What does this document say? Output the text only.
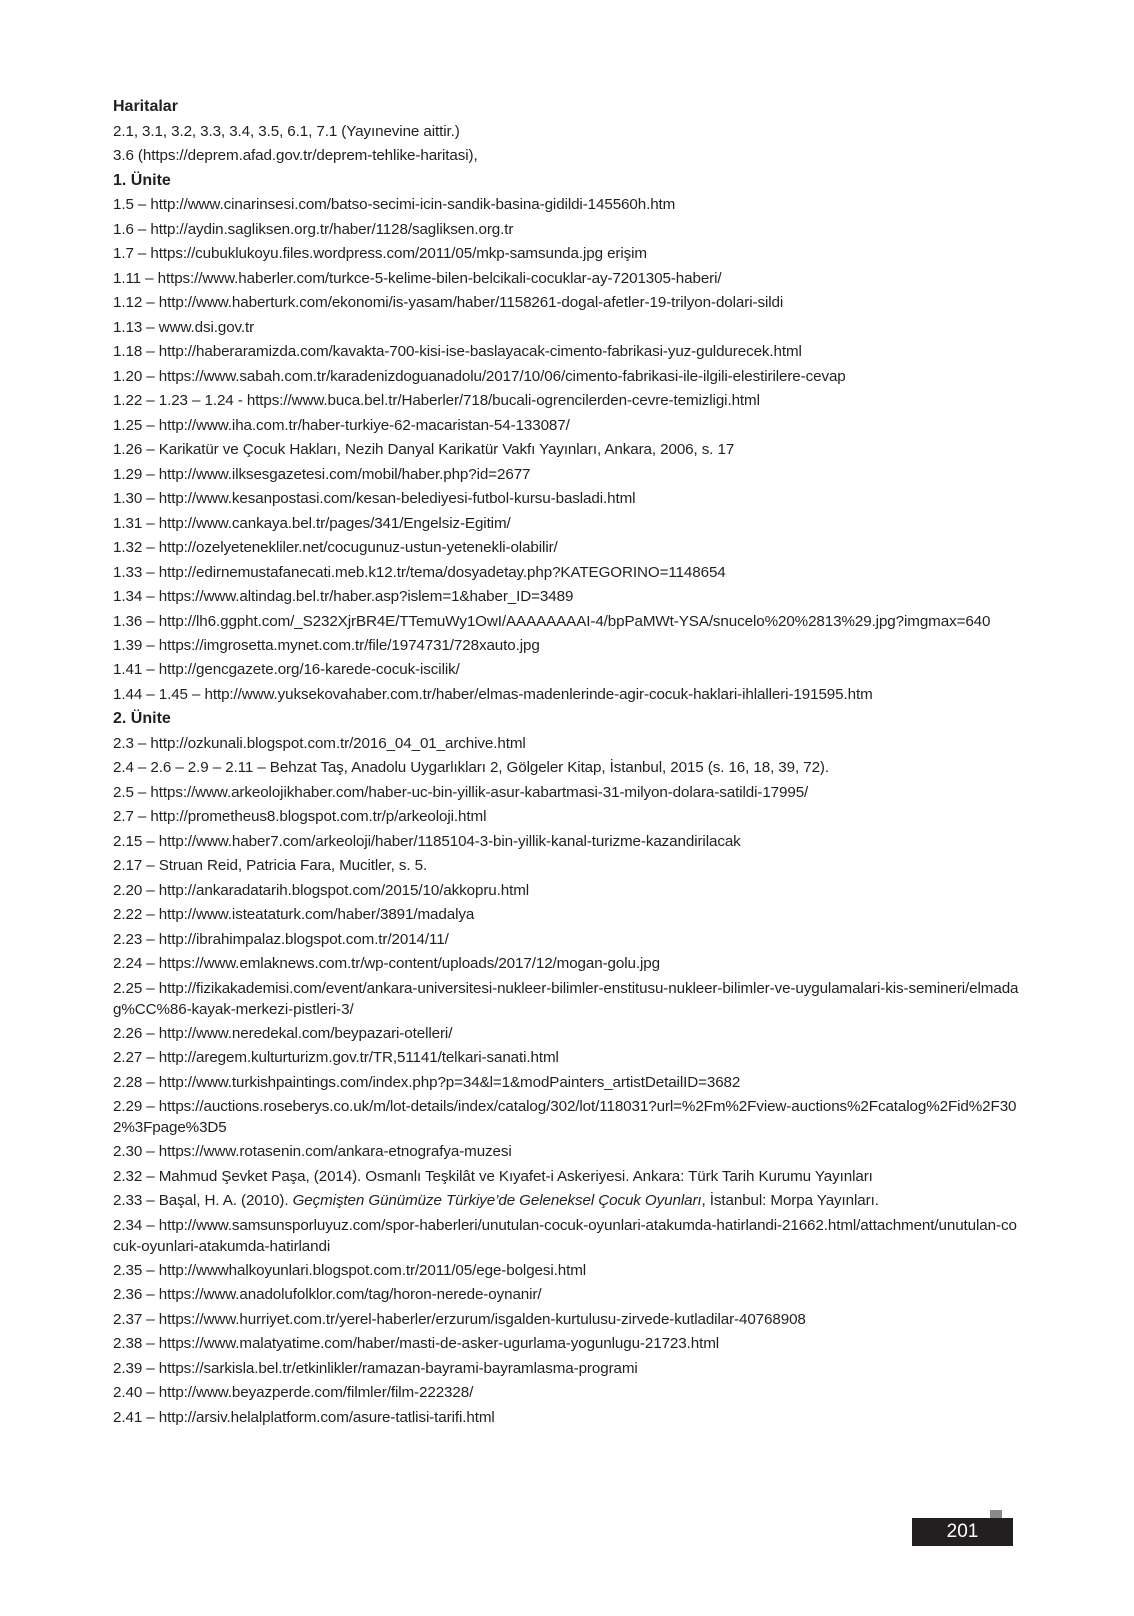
Haritalar
2.1, 3.1, 3.2, 3.3, 3.4, 3.5, 6.1, 7.1 (Yayınevine aittir.)
3.6 (https://deprem.afad.gov.tr/deprem-tehlike-haritasi),
1. Ünite
1.5 – http://www.cinarinsesi.com/batso-secimi-icin-sandik-basina-gidildi-145560h.htm
1.6 – http://aydin.sagliksen.org.tr/haber/1128/sagliksen.org.tr
1.7 – https://cubuklukoyu.files.wordpress.com/2011/05/mkp-samsunda.jpg erişim
1.11 – https://www.haberler.com/turkce-5-kelime-bilen-belcikali-cocuklar-ay-7201305-haberi/
1.12 – http://www.haberturk.com/ekonomi/is-yasam/haber/1158261-dogal-afetler-19-trilyon-dolari-sildi
1.13 – www.dsi.gov.tr
1.18 – http://haberaramizda.com/kavakta-700-kisi-ise-baslayacak-cimento-fabrikasi-yuz-guldurecek.html
1.20 – https://www.sabah.com.tr/karadenizdoguanadolu/2017/10/06/cimento-fabrikasi-ile-ilgili-elestirilere-cevap
1.22 – 1.23 – 1.24 - https://www.buca.bel.tr/Haberler/718/bucali-ogrencilerden-cevre-temizligi.html
1.25 – http://www.iha.com.tr/haber-turkiye-62-macaristan-54-133087/
1.26 – Karikatür ve Çocuk Hakları, Nezih Danyal Karikatür Vakfı Yayınları, Ankara, 2006, s. 17
1.29 – http://www.ilksesgazetesi.com/mobil/haber.php?id=2677
1.30 – http://www.kesanpostasi.com/kesan-belediyesi-futbol-kursu-basladi.html
1.31 – http://www.cankaya.bel.tr/pages/341/Engelsiz-Egitim/
1.32 – http://ozelyetenekliler.net/cocugunuz-ustun-yetenekli-olabilir/
1.33 – http://edirnemustafanecati.meb.k12.tr/tema/dosyadetay.php?KATEGORINO=1148654
1.34 – https://www.altindag.bel.tr/haber.asp?islem=1&haber_ID=3489
1.36 – http://lh6.ggpht.com/_S232XjrBR4E/TTemuWy1OwI/AAAAAAAAI-4/bpPaMWt-YSA/snucelo%20%2813%29.jpg?imgmax=640
1.39 – https://imgrosetta.mynet.com.tr/file/1974731/728xauto.jpg
1.41 – http://gencgazete.org/16-karede-cocuk-iscilik/
1.44 – 1.45 – http://www.yuksekovahaber.com.tr/haber/elmas-madenlerinde-agir-cocuk-haklari-ihlalleri-191595.htm
2. Ünite
2.3 – http://ozkunali.blogspot.com.tr/2016_04_01_archive.html
2.4 – 2.6 – 2.9 – 2.11 – Behzat Taş, Anadolu Uygarlıkları 2, Gölgeler Kitap, İstanbul, 2015 (s. 16, 18, 39, 72).
2.5 – https://www.arkeolojikhaber.com/haber-uc-bin-yillik-asur-kabartmasi-31-milyon-dolara-satildi-17995/
2.7 – http://prometheus8.blogspot.com.tr/p/arkeoloji.html
2.15 – http://www.haber7.com/arkeoloji/haber/1185104-3-bin-yillik-kanal-turizme-kazandirilacak
2.17 – Struan Reid, Patricia Fara, Mucitler, s. 5.
2.20 – http://ankaradatarih.blogspot.com/2015/10/akkopru.html
2.22 – http://www.isteataturk.com/haber/3891/madalya
2.23 – http://ibrahimpalaz.blogspot.com.tr/2014/11/
2.24 – https://www.emlaknews.com.tr/wp-content/uploads/2017/12/mogan-golu.jpg
2.25 – http://fizikakademisi.com/event/ankara-universitesi-nukleer-bilimler-enstitusu-nukleer-bilimler-ve-uygulamalari-kis-semineri/elmadag%CC%86-kayak-merkezi-pistleri-3/
2.26 – http://www.neredekal.com/beypazari-otelleri/
2.27 – http://aregem.kulturturizm.gov.tr/TR,51141/telkari-sanati.html
2.28 – http://www.turkishpaintings.com/index.php?p=34&l=1&modPainters_artistDetailID=3682
2.29 – https://auctions.roseberys.co.uk/m/lot-details/index/catalog/302/lot/118031?url=%2Fm%2Fview-auctions%2Fcatalog%2Fid%2F302%3Fpage%3D5
2.30 – https://www.rotasenin.com/ankara-etnografya-muzesi
2.32 – Mahmud Şevket Paşa, (2014). Osmanlı Teşkilât ve Kıyafet-i Askeriyesi. Ankara: Türk Tarih Kurumu Yayınları
2.33 – Başal, H. A. (2010). Geçmişten Günümüze Türkiye’de Geleneksel Çocuk Oyunları, İstanbul: Morpa Yayınları.
2.34 – http://www.samsunsporluyuz.com/spor-haberleri/unutulan-cocuk-oyunlari-atakumda-hatirlandi-21662.html/attachment/unutulan-cocuk-oyunlari-atakumda-hatirlandi
2.35 – http://wwwhalkoyunlari.blogspot.com.tr/2011/05/ege-bolgesi.html
2.36 – https://www.anadolufolklor.com/tag/horon-nerede-oynanir/
2.37 – https://www.hurriyet.com.tr/yerel-haberler/erzurum/isgalden-kurtulusu-zirvede-kutladilar-40768908
2.38 – https://www.malatyatime.com/haber/masti-de-asker-ugurlama-yogunlugu-21723.html
2.39 – https://sarkisla.bel.tr/etkinlikler/ramazan-bayrami-bayramlasma-programi
2.40 – http://www.beyazperde.com/filmler/film-222328/
2.41 – http://arsiv.helalplatform.com/asure-tatlisi-tarifi.html
201
